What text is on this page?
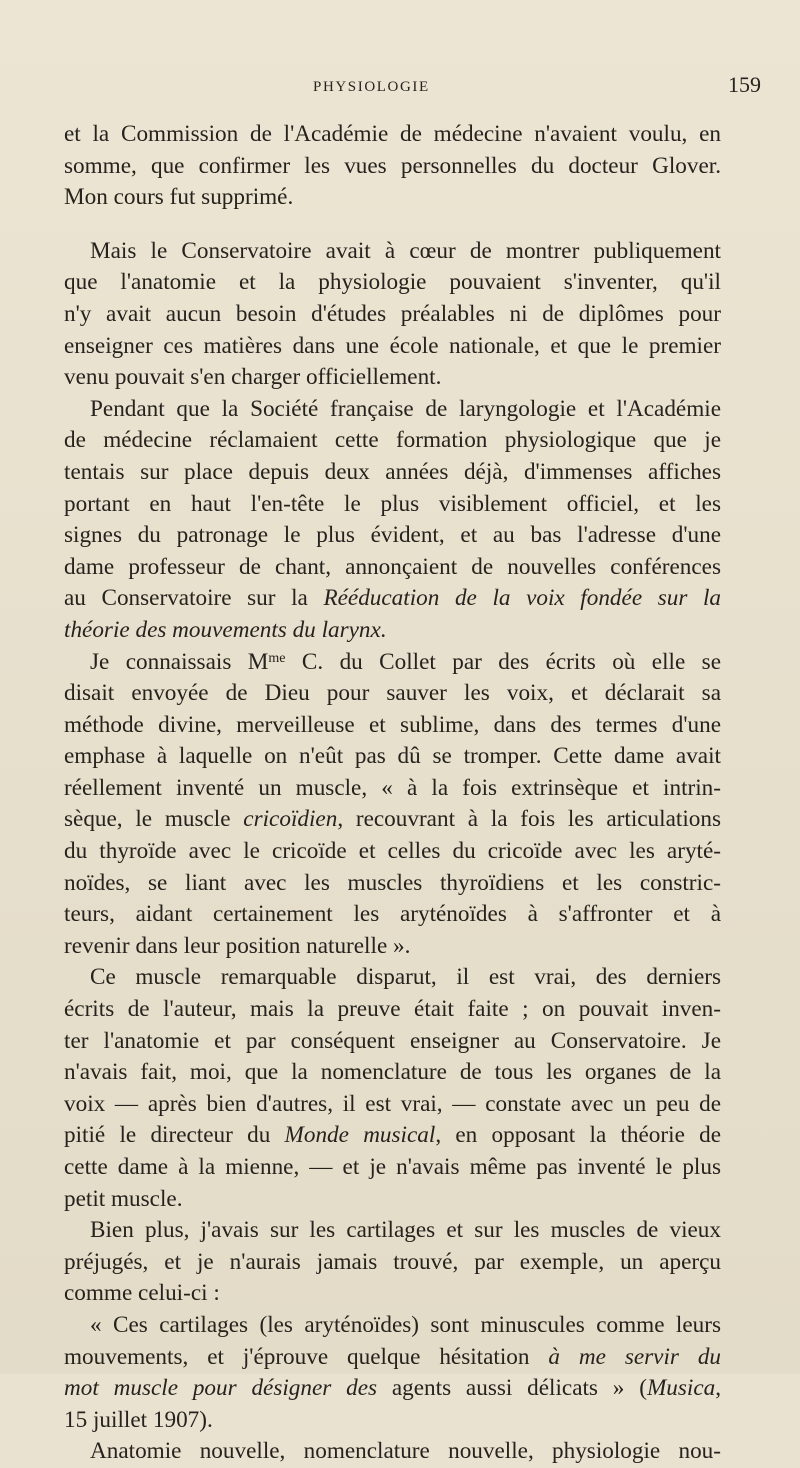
PHYSIOLOGIE	159
et la Commission de l'Académie de médecine n'avaient voulu, en
somme, que confirmer les vues personnelles du docteur Glover.
Mon cours fut supprimé.
Mais le Conservatoire avait à cœur de montrer publiquement
que l'anatomie et la physiologie pouvaient s'inventer, qu'il
n'y avait aucun besoin d'études préalables ni de diplômes pour
enseigner ces matières dans une école nationale, et que le premier
venu pouvait s'en charger officiellement.
Pendant que la Société française de laryngologie et l'Académie
de médecine réclamaient cette formation physiologique que je
tentais sur place depuis deux années déjà, d'immenses affiches
portant en haut l'en-tête le plus visiblement officiel, et les
signes du patronage le plus évident, et au bas l'adresse d'une
dame professeur de chant, annonçaient de nouvelles conférences
au Conservatoire sur la Rééducation de la voix fondée sur la
théorie des mouvements du larynx.
Je connaissais $M^{me}$ C. du Collet par des écrits où elle se
disait envoyée de Dieu pour sauver les voix, et déclarait sa
méthode divine, merveilleuse et sublime, dans des termes d'une
emphase à laquelle on n'eût pas dû se tromper. Cette dame avait
réellement inventé un muscle, « à la fois extrinsèque et intrin-
sèque, le muscle cricoïdien, recouvrant à la fois les articulations
du thyroïde avec le cricoïde et celles du cricoïde avec les aryté-
noïdes, se liant avec les muscles thyroïdiens et les constric-
teurs, aidant certainement les aryténoïdes à s'affronter et à
revenir dans leur position naturelle ».
Ce muscle remarquable disparut, il est vrai, des derniers
écrits de l'auteur, mais la preuve était faite ; on pouvait inven-
ter l'anatomie et par conséquent enseigner au Conservatoire. Je
n'avais fait, moi, que la nomenclature de tous les organes de la
voix — après bien d'autres, il est vrai, — constate avec un peu de
pitié le directeur du Monde musical, en opposant la théorie de
cette dame à la mienne, — et je n'avais même pas inventé le plus
petit muscle.
Bien plus, j'avais sur les cartilages et sur les muscles de vieux
préjugés, et je n'aurais jamais trouvé, par exemple, un aperçu
comme celui-ci :
« Ces cartilages (les aryténoïdes) sont minuscules comme leurs
mouvements, et j'éprouve quelque hésitation à me servir du
mot muscle pour désigner des agents aussi délicats » (Musica,
15 juillet 1907).
Anatomie nouvelle, nomenclature nouvelle, physiologie nou-
